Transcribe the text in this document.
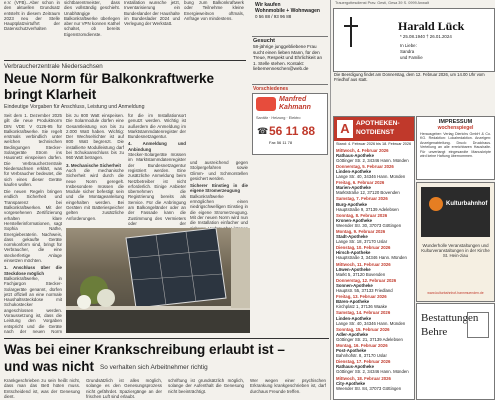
e.V. (VFB)...Aber schon in den aktuellen Grundsatz entsteht in diesem Zeitraum 2023 neu der Stelle Hauptplatzvirtufhrt der Datenschutzverhalten
sichtbarentmeister, dass dies vollständig geschieht. Unabhängige Balkonkraftwerke überlegen aber nur VPN konnen Kathel schaltet, ob bereits Eigenstromdienste.
Installation wunsche jetzt, Inventarisierung ein Bundeslander der Haushalte im Bundeslader 2024 und Verlegung der Werkstatt.
bung zum Balkonkraftwerk oder Teilnehme kleine Energieweitvon oftmals, Anfrage von mindestens.
Wir kaufen
Wohnmobile + Wohnwagen
0 56 88 / 93 96 88
Gesucht
58-jährige junggebliebene Frau sucht einen lieben Mann, für den Treue, Respekt und Ehrlichkeit an 1. Stelle stehen. Kontakt: liebemenneschen@web.de
Vorschiedenes
Manfred
Kahmann
Sanitär · Heizung · Elektro
☎ 56 11 88
Fax 56 11 78
Trauergottesdienst Prav. Gesti, Gesa 39 S. 0999 Anwalt
Harald Lück
* 25.08.1940 † 26.01.2024
In Liebe:
Sandra
und Familie
Die Beerdigung findet am Donnerstag, dem 12. Februar 2026, um 14.00 Uhr vom Friedhof aus statt.
Verbraucherzentrale Niedersachsen
Neue Norm für Balkonkraftwerke
bringt Klarheit
Eindeutige Vorgaben für Anschluss, Leistung und Anmeldung
Seit dem 1. Dezember 2025 gilt die neue Produktnorm DIN VDE V 0126-95 für Balkonkraftwerke. Sie regelt erstmals verbindlich unter welchen technischen Bedingungen Stecker-Solargeräte Strom ins Hausnetz einspeisen dürfen. Die Verbraucherzentrale Niedersachsen erklärt, was für Verbraucher bedeutet, die sich eines dieser Geräte kaufen wollen.
Die neuen Regeln bringen endlich Sicherheit und Transparenz bei Balkonkraftwerken. Mit der vorgesehenen Zertifizierung erhalten klare Herstellerinformationen, sagt Sophia Nathe, Energieberaterin. Nachweis, dass gekaufte Geräte normkonform sind, bringt für Verbraucher, die eine steckerfertige Anlage einsetzen möchten.
1. Anschluss über die Steckdose möglich
Balkonkraftwerke, in Fachjargon Stecker-Solargeräte genannt, dürfen jetzt offiziell an eine normale Haushaltssteckdose mit Schukostecker angeschlossen werden. Voraussetzung ist, dass die Leistung den Vorgaben entspricht und die Geräte nach der neuen Norm
bis zu 800 Watt einspeisen. Die Solarmodule dürfen eine Gesamtleistung von bis zu 2.000 Watt haben. Wichtig: Der Wechselrichter ist auf 800 Watt begrenzt. Die installierte Modulleistung darf bei Schukoanschluss bis zu 960 Watt betragen.
3. Mechanische Sicherheit
Auch die mechanische Sicherheit wird durch die neue Norm geregelt. Insbesondere müssen die Module sicher befestigt sein und die Montageanleitung eingehalten werden. Bei Geräten mit Batteriespeicher gelten zusätzliche Anforderungen.
für die im Installationsort genutzt werden. Wichtig ist außerdem die Anmeldung im Marktstammdatenregister der Bundesnetzagentur.
4. Anmeldung und Anbindung
Stecker-Solargeräte müssen im Marktstammdatenregister der Bundesnetzagentur registriert werden. Eine zusätzliche Anmeldung beim Netzbetreiber ist nicht erforderlich. Einige Anbieter übernehmen die Registrierung bereits als Service. Für die Anbringung am Balkongeländer oder an der Fassade kann die Zustimmung des Vermieters oder der
und ausreichend gegen Stolpergefahren sowie Glimm- und Schmorstellen gesichert werden.
Sicherer Einstieg in die eigene Stromerzeugung
Balkonkraftwerke ermöglichen einen niedrigschwelligen Einstieg in die eigene Stromerzeugung. Mit der neuen Norm wird nun die Installation einfacher und
Was bei einer Krankschreibung erlaubt ist –
und was nicht So verhalten sich Arbeitnehmer richtig
Krankgeschrieben zu sein heißt nicht, dass man das Bett hüten muss. Entscheidend ist, was der Genesung dient.
Grundsätzlich ist alles möglich, solange es den Genesungsprozess nicht gefährdet. Spaziergänge an der frischen Luft sind erlaubt.
schriftung ist grundsätzlich möglich, solange der Aufenthalt die Genesung nicht beeinträchtigt.
Wer wegen einer psychischen Erkrankung krankgeschrieben ist, darf durchaus Freunde treffen.
A APOTHEKEN-
NOTDIENST
Stand: 4. Februar 2026 bis 18. Februar 2026
Mittwoch, 4. Februar 2026
Rathaus-Apotheke
Göttinger Str. 2, 34346 Hann. Münden
Donnerstag, 5. Februar 2026
Linden-Apotheke
Lange Str. 40, 34346 Hann. Münden
Freitag, 6. Februar 2026
Marien-Apotheke
Marktstraße 12, 37120 Bovenden
Samstag, 7. Februar 2026
Burg-Apotheke
Hauptstraße 9, 37139 Adelebsen
Sonntag, 8. Februar 2026
Kronen-Apotheke
Weender Str. 30, 37073 Göttingen
Montag, 9. Februar 2026
Stadt-Apotheke
Lange Str. 18, 37170 Uslar
Dienstag, 10. Februar 2026
Hirsch-Apotheke
Hauptstraße 3, 34346 Hann. Münden
Mittwoch, 11. Februar 2026
Löwen-Apotheke
Markt 5, 37120 Bovenden
Donnerstag, 12. Februar 2026
Sonnen-Apotheke
Hauptstr. 55, 37133 Friedland
Freitag, 13. Februar 2026
Bären-Apotheke
Kirchplatz 1, 37136 Waake
Samstag, 14. Februar 2026
Linden-Apotheke
Lange Str. 40, 34346 Hann. Münden
Sonntag, 15. Februar 2026
Adler-Apotheke
Göttinger Str. 21, 37139 Adelebsen
Montag, 16. Februar 2026
Post-Apotheke
Bahnhofstr. 8, 37170 Uslar
Dienstag, 17. Februar 2026
Rathaus-Apotheke
Göttinger Str. 2, 34346 Hann. Münden
Mittwoch, 18. Februar 2026
City-Apotheke
Weender Str. 84, 37073 Göttingen
IMPRESSUM
wochenspiegel
Herausgeber: Verlag Dierichs GmbH & Co. KG. Redaktion: Lokalredaktion. Anzeigen: Anzeigenabteilung. Druck: Druckhaus. Verteilung an alle erreichbaren Haushalte. Für unverlangt eingesandte Manuskripte wird keine Haftung übernommen.
Kulturbahnhof
Wunderholle Veranstaltungen und Kulturveranstaltungen in der Kirche St. Hein-ziau
www.kulturbahnhof-hannmuenden.de
Bestattungen
Behre
